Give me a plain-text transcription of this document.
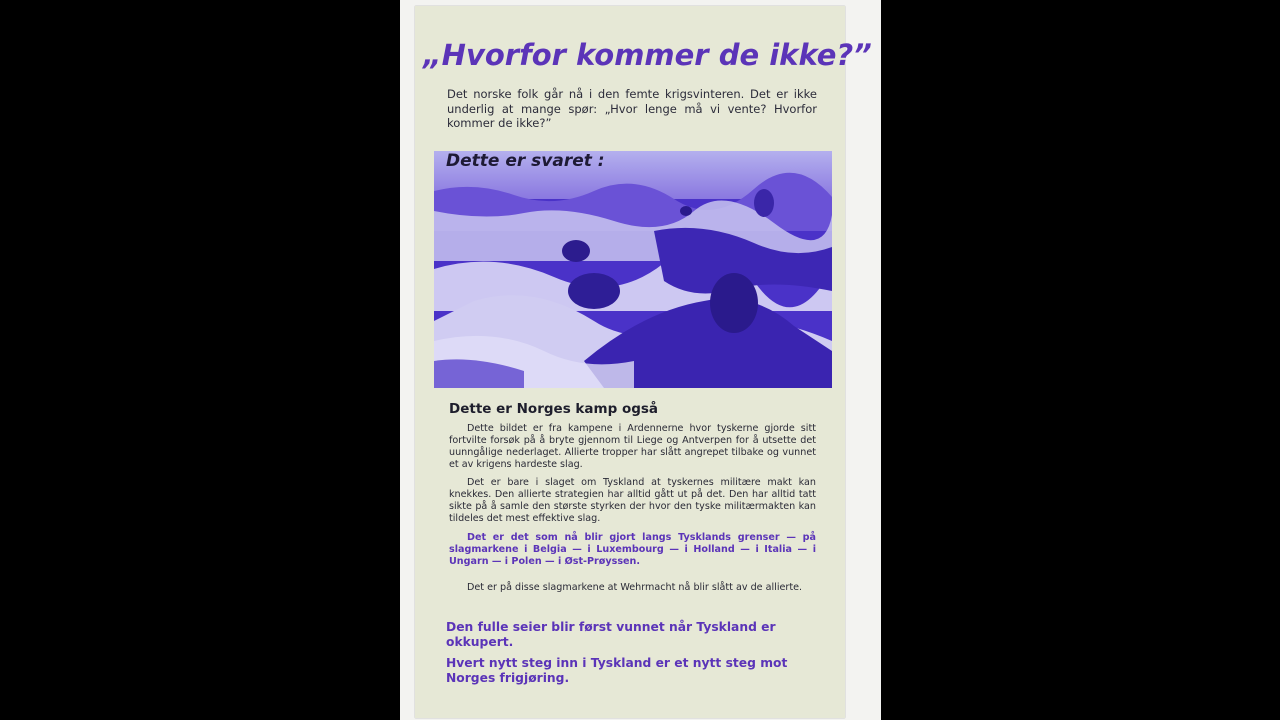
„Hvorfor kommer de ikke?”
Det norske folk går nå i den femte krigsvinteren. Det er ikke underlig at mange spør: „Hvor lenge må vi vente? Hvorfor kommer de ikke?”
Dette er svaret :
Dette er Norges kamp også
Dette bildet er fra kampene i Ardennerne hvor tyskerne gjorde sitt fortvilte forsøk på å bryte gjennom til Liege og Antverpen for å utsette det uunngålige nederlaget. Allierte tropper har slått angrepet tilbake og vunnet et av krigens hardeste slag.
Det er bare i slaget om Tyskland at tyskernes militære makt kan knekkes. Den allierte strategien har alltid gått ut på det. Den har alltid tatt sikte på å samle den største styrken der hvor den tyske militærmakten kan tildeles det mest effektive slag.
Det er det som nå blir gjort langs Tysklands grenser — på slagmarkene i Belgia — i Luxembourg — i Holland — i Italia — i Ungarn — i Polen — i Øst-Prøyssen.
Det er på disse slagmarkene at Wehrmacht nå blir slått av de allierte.
Den fulle seier blir først vunnet når Tyskland er okkupert.
Hvert nytt steg inn i Tyskland er et nytt steg mot Norges frigjøring.
